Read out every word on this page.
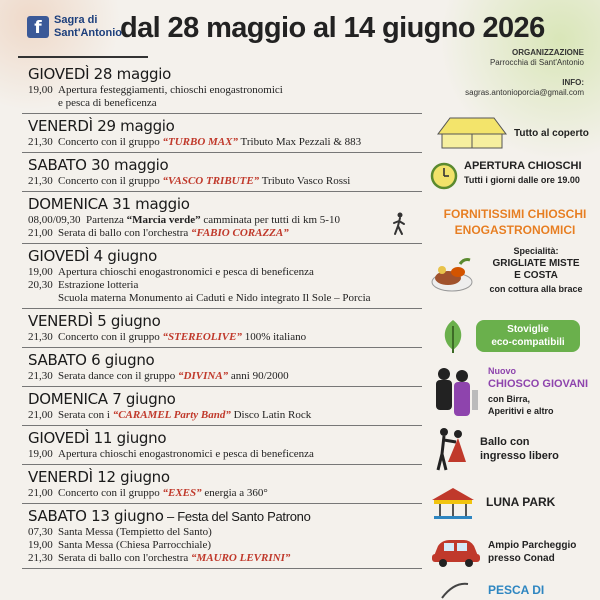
f	Sagra di Sant'Antonio
dal 28 maggio al 14 giugno 2026
GIOVEDÌ 28 maggio
19,00 Apertura festeggiamenti, chioschi enogastronomici
e pesca di beneficenza
VENERDÌ 29 maggio
21,30 Concerto con il gruppo “TURBO MAX” Tributo Max Pezzali & 883
SABATO 30 maggio
21,30 Concerto con il gruppo “VASCO TRIBUTE” Tributo Vasco Rossi
DOMENICA 31 maggio
08,00/09,30 Partenza “Marcia verde” camminata per tutti di km 5-10
21,00 Serata di ballo con l'orchestra “FABIO CORAZZA”
GIOVEDÌ 4 giugno
19,00 Apertura chioschi enogastronomici e pesca di beneficenza
20,30 Estrazione lotteria
Scuola materna Monumento ai Caduti e Nido integrato Il Sole – Porcia
VENERDÌ 5 giugno
21,30 Concerto con il gruppo “STEREOLIVE” 100% italiano
SABATO 6 giugno
21,30 Serata dance con il gruppo “DIVINA” anni 90/2000
DOMENICA 7 giugno
21,00 Serata con i “CARAMEL Party Band” Disco Latin Rock
GIOVEDÌ 11 giugno
19,00 Apertura chioschi enogastronomici e pesca di beneficenza
VENERDÌ 12 giugno
21,00 Concerto con il gruppo “EXES” energia a 360°
SABATO 13 giugno – Festa del Santo Patrono
07,30 Santa Messa (Tempietto del Santo)
19,00 Santa Messa (Chiesa Parrocchiale)
21,30 Serata di ballo con l'orchestra “MAURO LEVRINI”
ORGANIZZAZIONE
Parrocchia di Sant'Antonio
INFO:
sagras.antonioporcia@gmail.com
Tutto al coperto
APERTURA CHIOSCHI
Tutti i giorni dalle ore 19.00
FORNITISSIMI CHIOSCHI
ENOGASTRONOMICI
Specialità:
GRIGLIATE MISTE
E COSTA
con cottura alla brace
Stoviglie
eco-compatibili
Nuovo
CHIOSCO GIOVANI
con Birra,
Aperitivi e altro
Ballo con
ingresso libero
LUNA PARK
Ampio Parcheggio
presso Conad
PESCA DI
